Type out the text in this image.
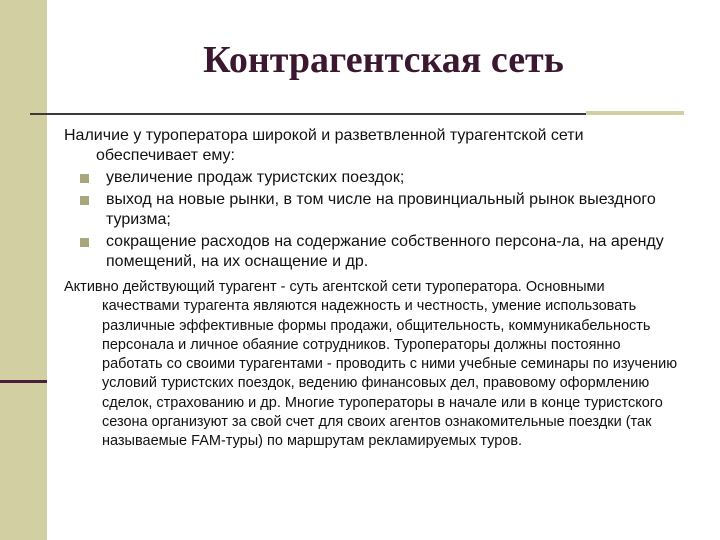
Контрагентская сеть

Наличие у туроператора широкой и разветвленной турагентской сети обеспечивает ему:

увеличение продаж туристских поездок;
выход на новые рынки, в том числе на провинциальный рынок выездного туризма;
сокращение расходов на содержание собственного персона-ла, на аренду помещений, на их оснащение и др.

Активно действующий турагент - суть агентской сети туроператора. Основными качествами турагента являются надежность и честность, умение использовать различные эффективные формы продажи, общительность, коммуникабельность персонала и личное обаяние сотрудников. Туроператоры должны постоянно работать со своими турагентами - проводить с ними учебные семинары по изучению условий туристских поездок, ведению финансовых дел, правовому оформлению сделок, страхованию и др. Многие туроператоры в начале или в конце туристского сезона организуют за свой счет для своих агентов ознакомительные поездки (так называемые FAM-туры) по маршрутам рекламируемых туров.
